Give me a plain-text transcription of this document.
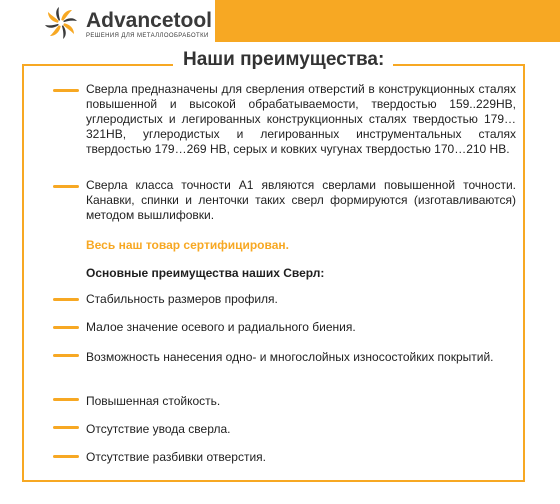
Advancetool
РЕШЕНИЯ ДЛЯ МЕТАЛЛООБРАБОТКИ
Наши преимущества:
Сверла предназначены для сверления отверстий в конструкционных сталях повышенной и высокой обрабатываемости, твердостью 159..229НВ, углеродистых и легированных конструкционных сталях твердостью 179…321НВ, углеродистых и легированных инструментальных сталях твердостью 179…269 НВ, серых и ковких чугунах твердостью 170…210 НВ.
Сверла класса точности А1 являются сверлами повышенной точности. Канавки, спинки и ленточки таких сверл формируются (изготавливаются) методом вышлифовки.
Весь наш товар сертифицирован.
Основные преимущества наших Сверл:
Стабильность размеров профиля.
Малое значение осевого и радиального биения.
Возможность нанесения одно- и многослойных износостойких покрытий.
Повышенная стойкость.
Отсутствие увода сверла.
Отсутствие разбивки отверстия.
